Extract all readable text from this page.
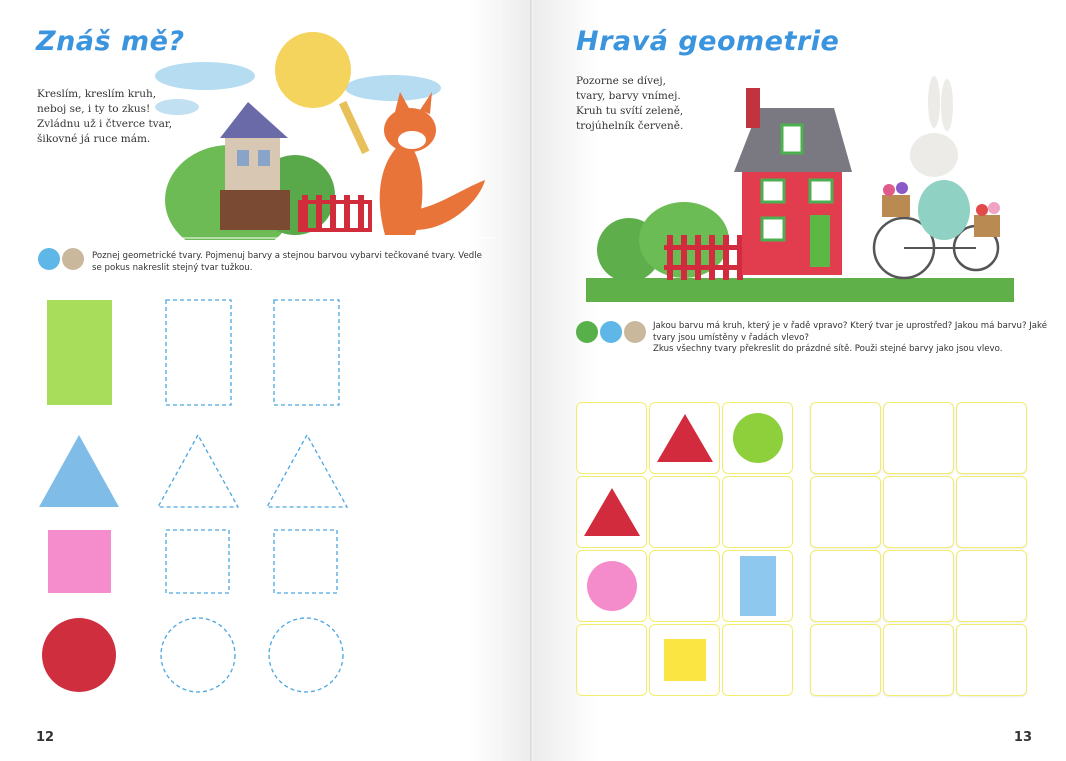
Znáš mě?
Kreslím, kreslím kruh,
neboj se, i ty to zkus!
Zvládnu už i čtverce tvar,
šikovné já ruce mám.
Poznej geometrické tvary. Pojmenuj barvy a stejnou barvou vybarvi tečkované tvary. Vedle
se pokus nakreslit stejný tvar tužkou.
12
Hravá geometrie
Pozorne se dívej,
tvary, barvy vnímej.
Kruh tu svítí zeleně,
trojúhelník červeně.
Jakou barvu má kruh, který je v řadě vpravo? Který tvar je uprostřed? Jakou má barvu? Jaké
tvary jsou umístěny v řadách vlevo?
Zkus všechny tvary překreslit do prázdné sítě. Použi stejné barvy jako jsou vlevo.
13
